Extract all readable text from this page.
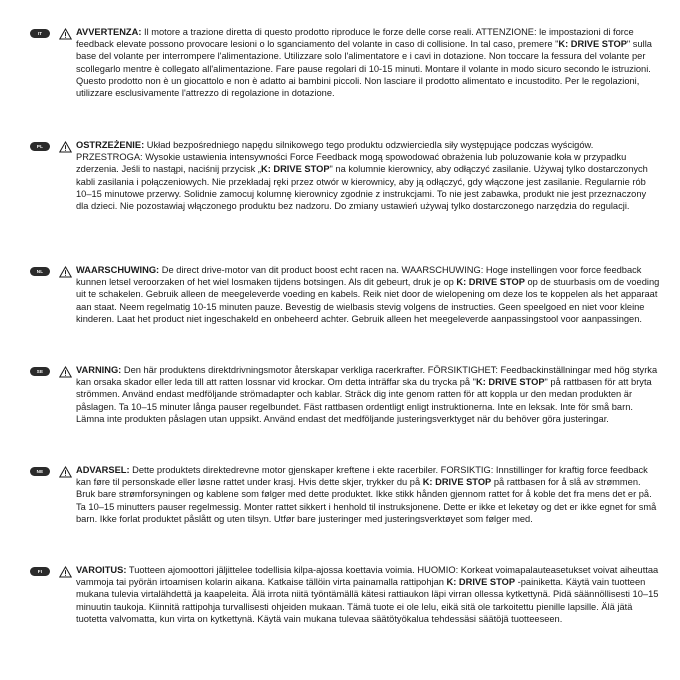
IT	AVVERTENZA: Il motore a trazione diretta di questo prodotto riproduce le forze delle corse reali. ATTENZIONE: le impostazioni di force feedback elevate possono provocare lesioni o lo sganciamento del volante in caso di collisione. In tal caso, premere "K: DRIVE STOP" sulla base del volante per interrompere l'alimentazione. Utilizzare solo l'alimentatore e i cavi in dotazione. Non toccare la fessura del volante per scollegarlo mentre è collegato all'alimentazione. Fare pause regolari di 10-15 minuti. Montare il volante in modo sicuro secondo le istruzioni. Questo prodotto non è un giocattolo e non è adatto ai bambini piccoli. Non lasciare il prodotto alimentato e incustodito. Per le regolazioni, utilizzare esclusivamente l'attrezzo di regolazione in dotazione.
PL	OSTRZEŻENIE: Układ bezpośredniego napędu silnikowego tego produktu odzwierciedla siły występujące podczas wyścigów. PRZESTROGA: Wysokie ustawienia intensywności Force Feedback mogą spowodować obrażenia lub poluzowanie koła w przypadku zderzenia. Jeśli to nastąpi, naciśnij przycisk „K: DRIVE STOP" na kolumnie kierownicy, aby odłączyć zasilanie. Używaj tylko dostarczonych kabli zasilania i połączeniowych. Nie przekładaj ręki przez otwór w kierownicy, aby ją odłączyć, gdy włączone jest zasilanie. Regularnie rób 10–15 minutowe przerwy. Solidnie zamocuj kolumnę kierownicy zgodnie z instrukcjami. To nie jest zabawka, produkt nie jest przeznaczony dla dzieci. Nie pozostawiaj włączonego produktu bez nadzoru. Do zmiany ustawień używaj tylko dostarczonego narzędzia do regulacji.
NL	WAARSCHUWING: De direct drive-motor van dit product boost echt racen na. WAARSCHUWING: Hoge instellingen voor force feedback kunnen letsel veroorzaken of het wiel losmaken tijdens botsingen. Als dit gebeurt, druk je op K: DRIVE STOP op de stuurbasis om de voeding uit te schakelen. Gebruik alleen de meegeleverde voeding en kabels. Reik niet door de wielopening om deze los te koppelen als het apparaat aan staat. Neem regelmatig 10-15 minuten pauze. Bevestig de wielbasis stevig volgens de instructies. Geen speelgoed en niet voor kleine kinderen. Laat het product niet ingeschakeld en onbeheerd achter. Gebruik alleen het meegeleverde aanpassingstool voor aanpassingen.
SE	VARNING: Den här produktens direktdrivningsmotor återskapar verkliga racerkrafter. FÖRSIKTIGHET: Feedbackinställningar med hög styrka kan orsaka skador eller leda till att ratten lossnar vid krockar. Om detta inträffar ska du trycka på "K: DRIVE STOP" på rattbasen för att bryta strömmen. Använd endast medföljande strömadapter och kablar. Sträck dig inte genom ratten för att koppla ur den medan produkten är påslagen. Ta 10–15 minuter långa pauser regelbundet. Fäst rattbasen ordentligt enligt instruktionerna. Inte en leksak. Inte för små barn. Lämna inte produkten påslagen utan uppsikt. Använd endast det medföljande justeringsverktyget när du behöver göra justeringar.
NE	ADVARSEL: Dette produktets direktedrevne motor gjenskaper kreftene i ekte racerbiler. FORSIKTIG: Innstillinger for kraftig force feedback kan føre til personskade eller løsne rattet under krasj. Hvis dette skjer, trykker du på K: DRIVE STOP på rattbasen for å slå av strømmen. Bruk bare strømforsyningen og kablene som følger med dette produktet. Ikke stikk hånden gjennom rattet for å koble det fra mens det er på. Ta 10–15 minutters pauser regelmessig. Monter rattet sikkert i henhold til instruksjonene. Dette er ikke et leketøy og det er ikke egnet for små barn. Ikke forlat produktet påslått og uten tilsyn. Utfør bare justeringer med justeringsverktøyet som følger med.
FI	VAROITUS: Tuotteen ajomoottori jäljittelee todellisia kilpa-ajossa koettavia voimia. HUOMIO: Korkeat voimapalauteasetukset voivat aiheuttaa vammoja tai pyörän irtoamisen kolarin aikana. Katkaise tällöin virta painamalla rattipohjan K: DRIVE STOP -painiketta. Käytä vain tuotteen mukana tulevia virtalähdettä ja kaapeleita. Älä irrota niitä työntämällä kätesi rattiaukon läpi virran ollessa kytkettynä. Pidä säännöllisesti 10–15 minuutin taukoja. Kiinnitä rattipohja turvallisesti ohjeiden mukaan. Tämä tuote ei ole lelu, eikä sitä ole tarkoitettu pienille lapsille. Älä jätä tuotetta valvomatta, kun virta on kytkettynä. Käytä vain mukana tulevaa säätötyökalua tehdessäsi säätöjä tuotteeseen.
